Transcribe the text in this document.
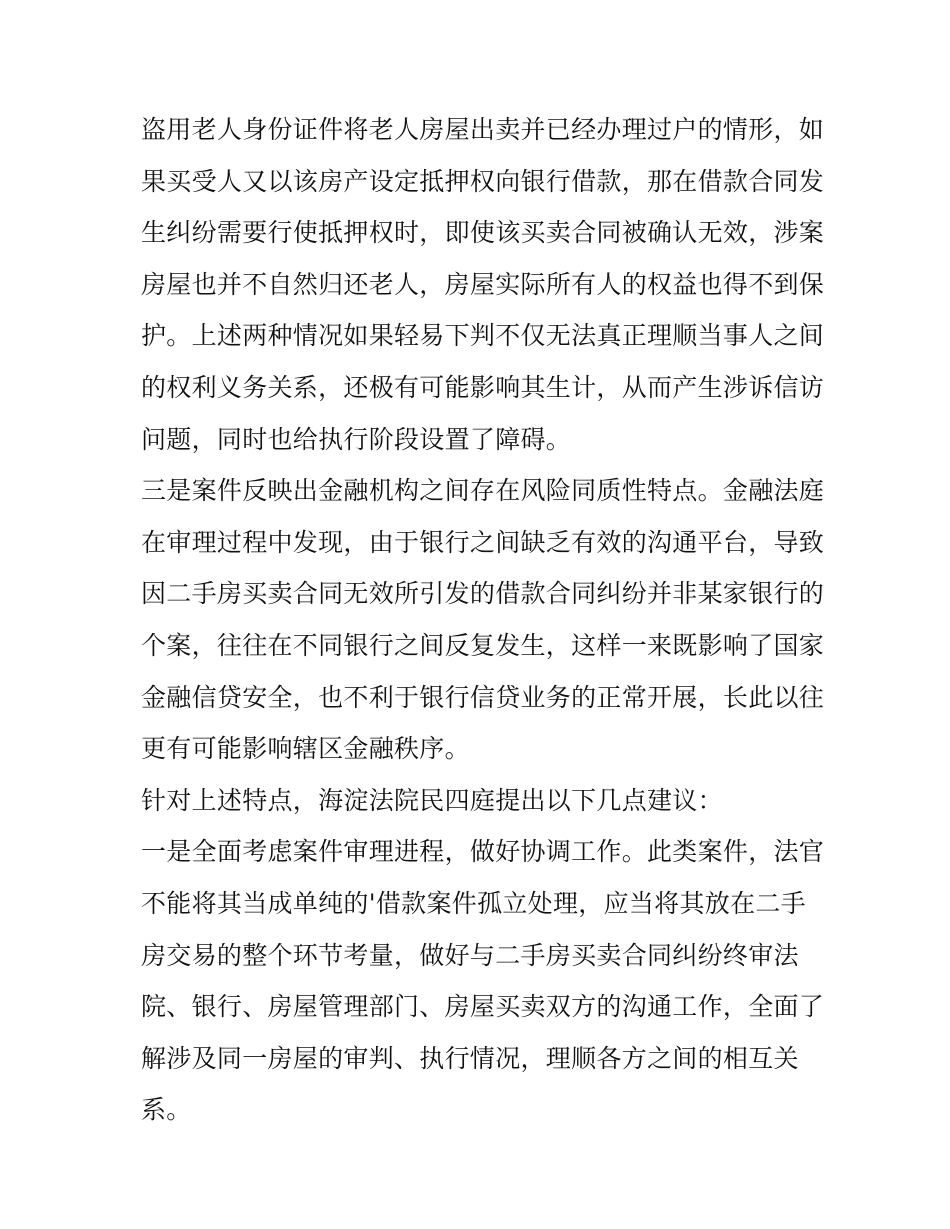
盗用老人身份证件将老人房屋出卖并已经办理过户的情形，如
果买受人又以该房产设定抵押权向银行借款，那在借款合同发
生纠纷需要行使抵押权时，即使该买卖合同被确认无效，涉案
房屋也并不自然归还老人，房屋实际所有人的权益也得不到保
护。上述两种情况如果轻易下判不仅无法真正理顺当事人之间
的权利义务关系，还极有可能影响其生计，从而产生涉诉信访
问题，同时也给执行阶段设置了障碍。
三是案件反映出金融机构之间存在风险同质性特点。金融法庭
在审理过程中发现，由于银行之间缺乏有效的沟通平台，导致
因二手房买卖合同无效所引发的借款合同纠纷并非某家银行的
个案，往往在不同银行之间反复发生，这样一来既影响了国家
金融信贷安全，也不利于银行信贷业务的正常开展，长此以往
更有可能影响辖区金融秩序。
针对上述特点，海淀法院民四庭提出以下几点建议：
一是全面考虑案件审理进程，做好协调工作。此类案件，法官
不能将其当成单纯的'借款案件孤立处理，应当将其放在二手
房交易的整个环节考量，做好与二手房买卖合同纠纷终审法
院、银行、房屋管理部门、房屋买卖双方的沟通工作，全面了
解涉及同一房屋的审判、执行情况，理顺各方之间的相互关
系。
